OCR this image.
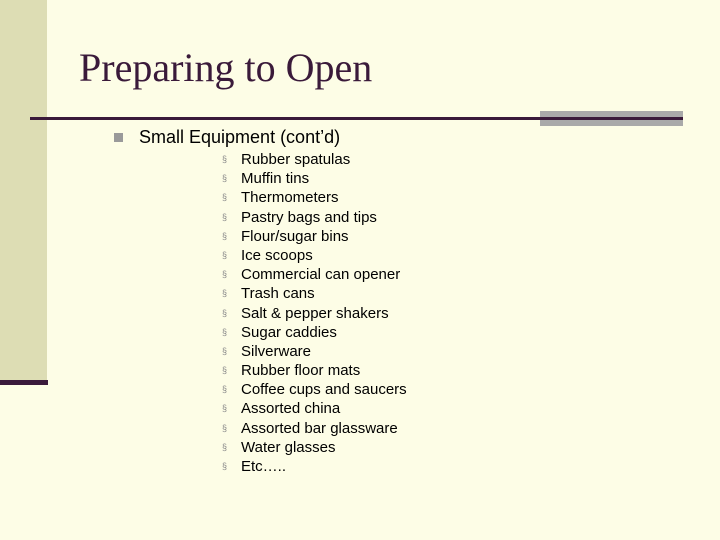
Preparing to Open
Small Equipment (cont’d)
§ Rubber spatulas
§ Muffin tins
§ Thermometers
§ Pastry bags and tips
§ Flour/sugar bins
§ Ice scoops
§ Commercial can opener
§ Trash cans
§ Salt & pepper shakers
§ Sugar caddies
§ Silverware
§ Rubber floor mats
§ Coffee cups and saucers
§ Assorted china
§ Assorted bar glassware
§ Water glasses
§ Etc…..
